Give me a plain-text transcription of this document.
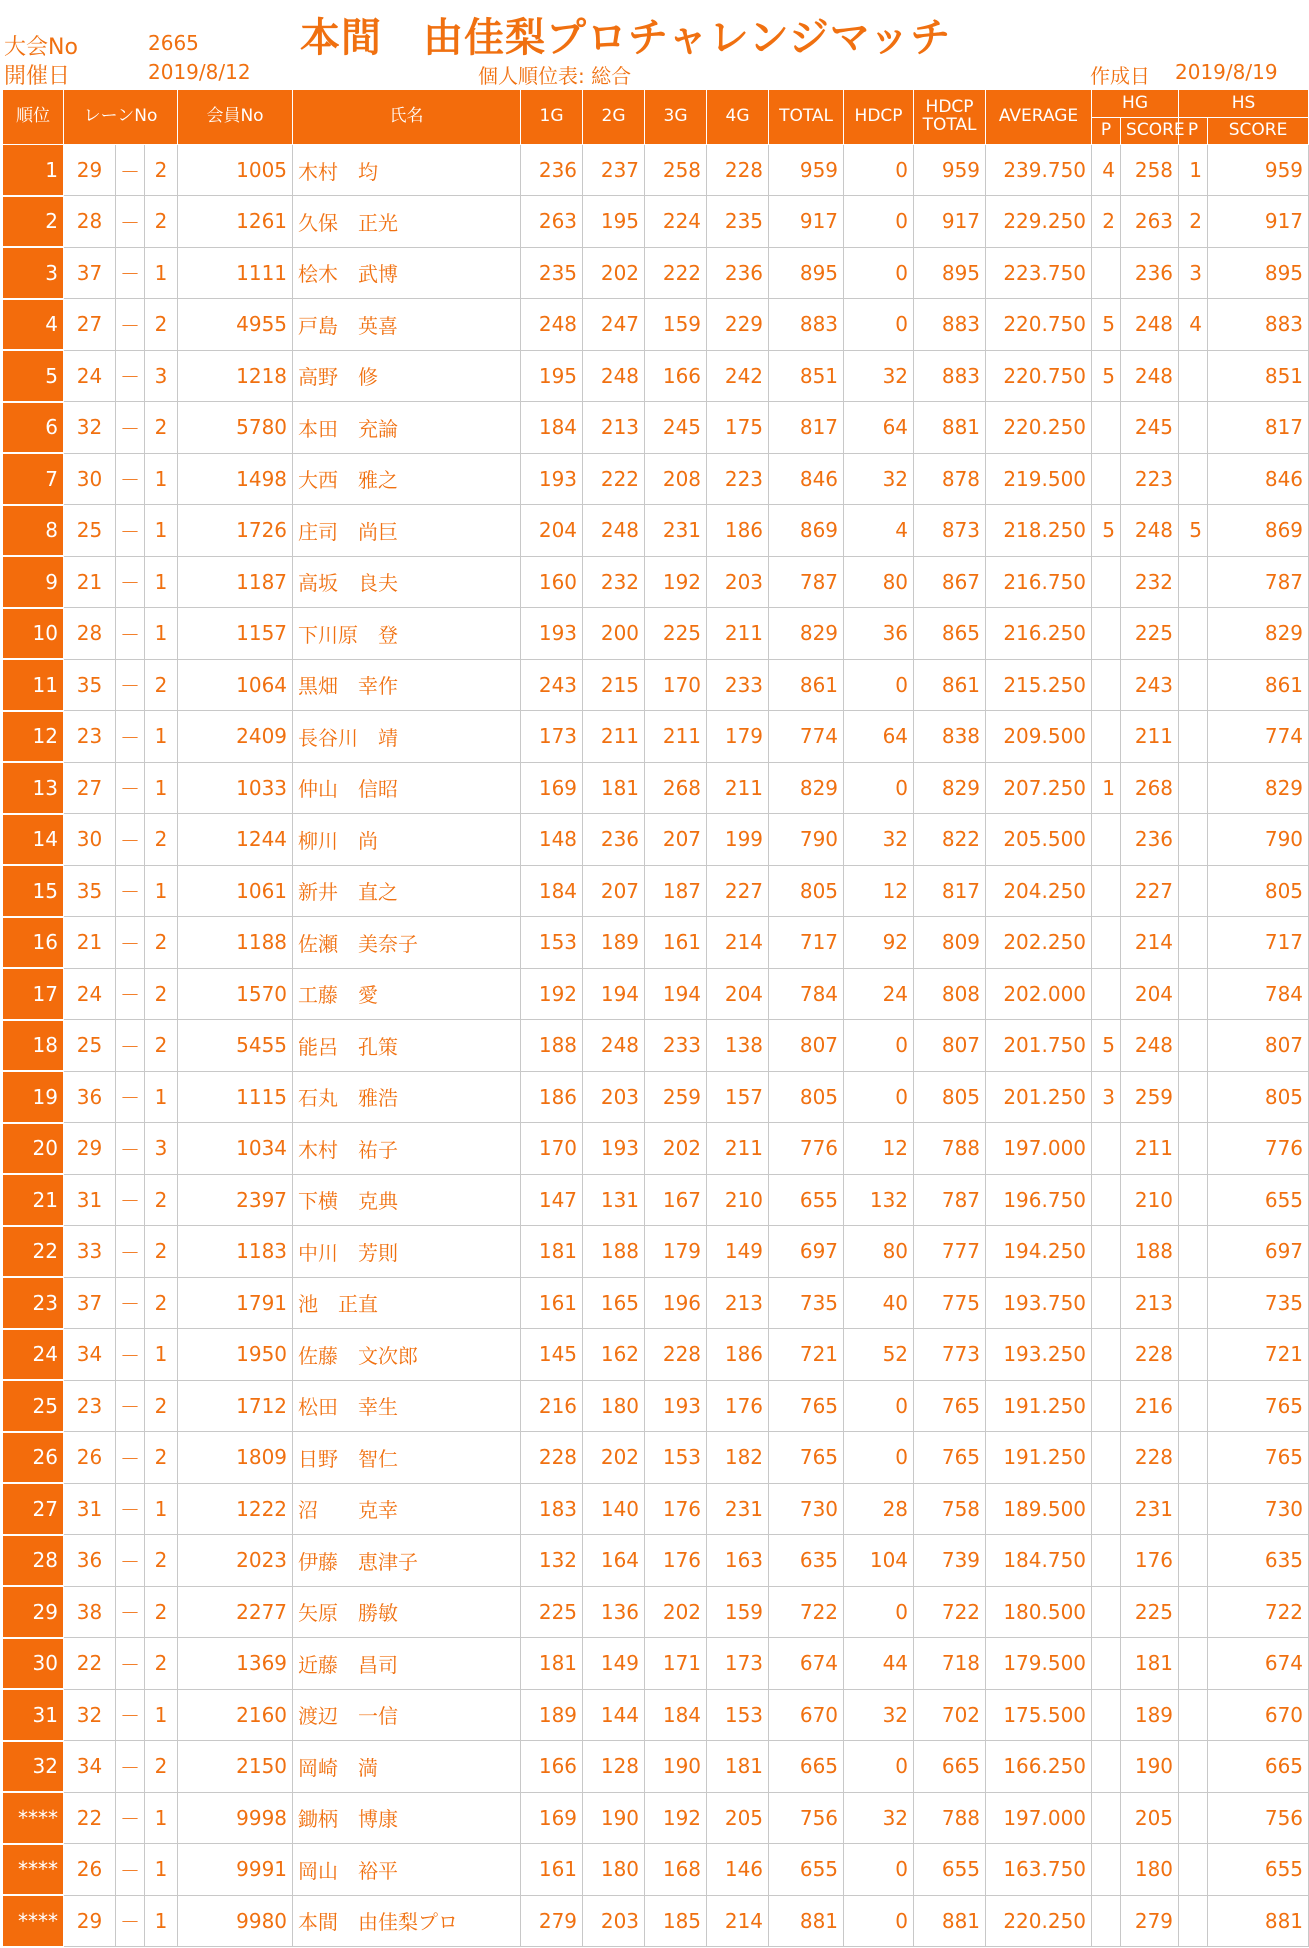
大会No	2665
開催日	2019/8/12
本間　由佳梨プロチャレンジマッチ
個人順位表: 総合	作成日 2019/8/19
順位	レーンNo			会員No	氏名	1G	2G	3G	4G	TOTAL	HDCP	HDCP
TOTAL	AVERAGE	HG		HS	
														P	SCORE	P	SCORE
1	29	－	2	1005	木村　均	236	237	258	228	959	0	959	239.750	4	258	1	959
2	28	－	2	1261	久保　正光	263	195	224	235	917	0	917	229.250	2	263	2	917
3	37	－	1	1111	桧木　武博	235	202	222	236	895	0	895	223.750		236	3	895
4	27	－	2	4955	戸島　英喜	248	247	159	229	883	0	883	220.750	5	248	4	883
5	24	－	3	1218	高野　修	195	248	166	242	851	32	883	220.750	5	248		851
6	32	－	2	5780	本田　充論	184	213	245	175	817	64	881	220.250		245		817
7	30	－	1	1498	大西　雅之	193	222	208	223	846	32	878	219.500		223		846
8	25	－	1	1726	庄司　尚巨	204	248	231	186	869	4	873	218.250	5	248	5	869
9	21	－	1	1187	高坂　良夫	160	232	192	203	787	80	867	216.750		232		787
10	28	－	1	1157	下川原　登	193	200	225	211	829	36	865	216.250		225		829
11	35	－	2	1064	黒畑　幸作	243	215	170	233	861	0	861	215.250		243		861
12	23	－	1	2409	長谷川　靖	173	211	211	179	774	64	838	209.500		211		774
13	27	－	1	1033	仲山　信昭	169	181	268	211	829	0	829	207.250	1	268		829
14	30	－	2	1244	柳川　尚	148	236	207	199	790	32	822	205.500		236		790
15	35	－	1	1061	新井　直之	184	207	187	227	805	12	817	204.250		227		805
16	21	－	2	1188	佐瀬　美奈子	153	189	161	214	717	92	809	202.250		214		717
17	24	－	2	1570	工藤　愛	192	194	194	204	784	24	808	202.000		204		784
18	25	－	2	5455	能呂　孔策	188	248	233	138	807	0	807	201.750	5	248		807
19	36	－	1	1115	石丸　雅浩	186	203	259	157	805	0	805	201.250	3	259		805
20	29	－	3	1034	木村　祐子	170	193	202	211	776	12	788	197.000		211		776
21	31	－	2	2397	下横　克典	147	131	167	210	655	132	787	196.750		210		655
22	33	－	2	1183	中川　芳則	181	188	179	149	697	80	777	194.250		188		697
23	37	－	2	1791	池　正直	161	165	196	213	735	40	775	193.750		213		735
24	34	－	1	1950	佐藤　文次郎	145	162	228	186	721	52	773	193.250		228		721
25	23	－	2	1712	松田　幸生	216	180	193	176	765	0	765	191.250		216		765
26	26	－	2	1809	日野　智仁	228	202	153	182	765	0	765	191.250		228		765
27	31	－	1	1222	沼　　克幸	183	140	176	231	730	28	758	189.500		231		730
28	36	－	2	2023	伊藤　恵津子	132	164	176	163	635	104	739	184.750		176		635
29	38	－	2	2277	矢原　勝敏	225	136	202	159	722	0	722	180.500		225		722
30	22	－	2	1369	近藤　昌司	181	149	171	173	674	44	718	179.500		181		674
31	32	－	1	2160	渡辺　一信	189	144	184	153	670	32	702	175.500		189		670
32	34	－	2	2150	岡崎　満	166	128	190	181	665	0	665	166.250		190		665
****	22	－	1	9998	鋤柄　博康	169	190	192	205	756	32	788	197.000		205		756
****	26	－	1	9991	岡山　裕平	161	180	168	146	655	0	655	163.750		180		655
****	29	－	1	9980	本間　由佳梨プロ	279	203	185	214	881	0	881	220.250		279		881
